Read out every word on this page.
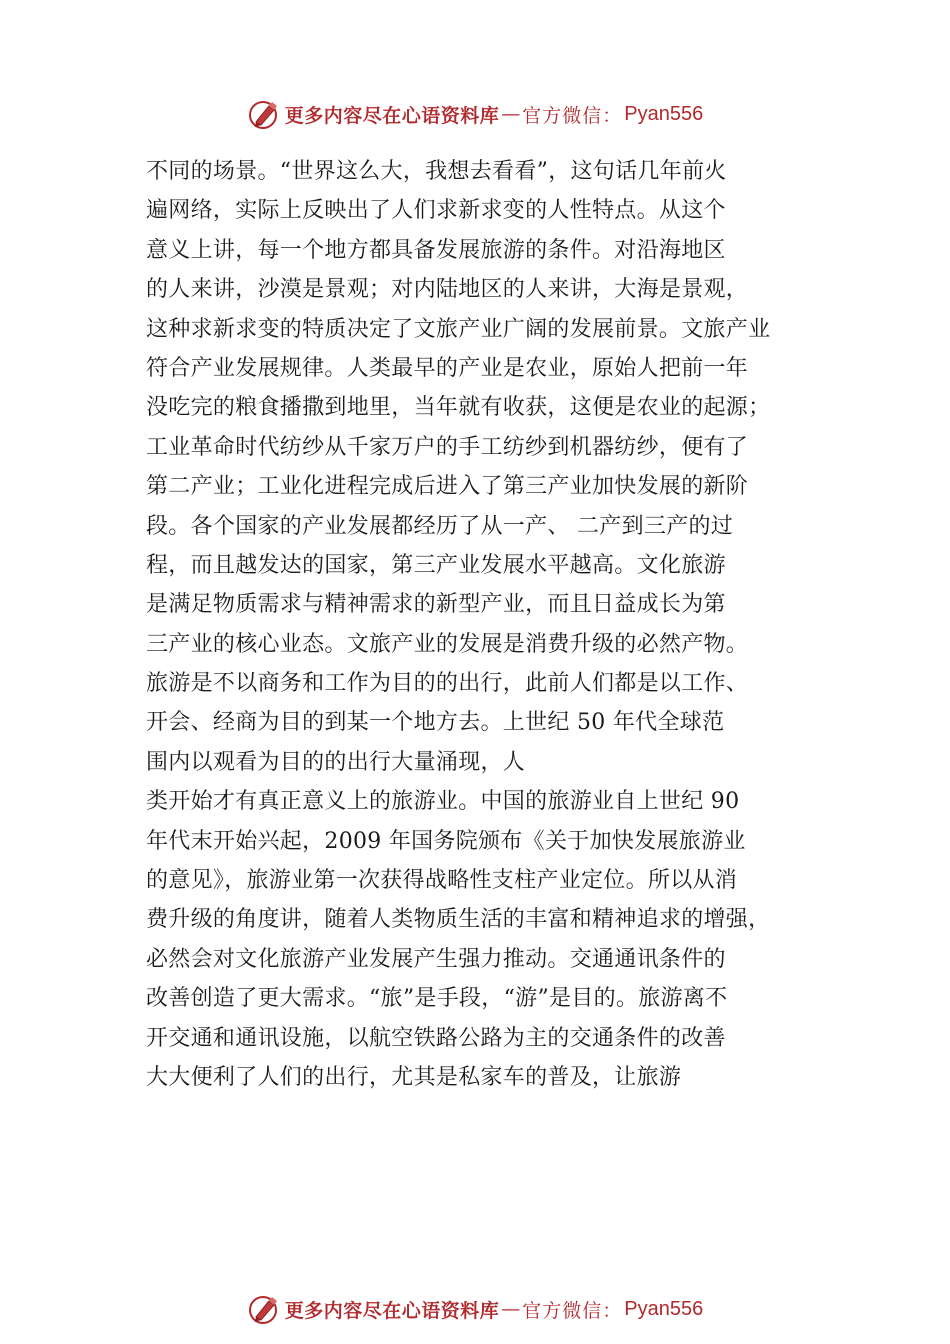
更多内容尽在心语资料库 — 官方微信： Pyan556
不同的场景。“世界这么大，我想去看看”，这句话几年前火
遍网络，实际上反映出了人们求新求变的人性特点。从这个
意义上讲，每一个地方都具备发展旅游的条件。对沿海地区
的人来讲，沙漠是景观；对内陆地区的人来讲，大海是景观，
这种求新求变的特质决定了文旅产业广阔的发展前景。文旅产业
符合产业发展规律。人类最早的产业是农业，原始人把前一年
没吃完的粮食播撒到地里，当年就有收获，这便是农业的起源；
工业革命时代纺纱从千家万户的手工纺纱到机器纺纱，便有了
第二产业；工业化进程完成后进入了第三产业加快发展的新阶
段。各个国家的产业发展都经历了从一产、 二产到三产的过
程，而且越发达的国家，第三产业发展水平越高。文化旅游
是满足物质需求与精神需求的新型产业，而且日益成长为第
三产业的核心业态。文旅产业的发展是消费升级的必然产物。
旅游是不以商务和工作为目的的出行，此前人们都是以工作、
开会、经商为目的到某一个地方去。上世纪 50 年代全球范
围内以观看为目的的出行大量涌现，人
类开始才有真正意义上的旅游业。中国的旅游业自上世纪 90
年代末开始兴起，2009 年国务院颁布《关于加快发展旅游业
的意见》，旅游业第一次获得战略性支柱产业定位。所以从消
费升级的角度讲，随着人类物质生活的丰富和精神追求的增强，
必然会对文化旅游产业发展产生强力推动。交通通讯条件的
改善创造了更大需求。“旅”是手段，“游”是目的。旅游离不
开交通和通讯设施，以航空铁路公路为主的交通条件的改善
大大便利了人们的出行，尤其是私家车的普及，让旅游
更多内容尽在心语资料库 — 官方微信： Pyan556
